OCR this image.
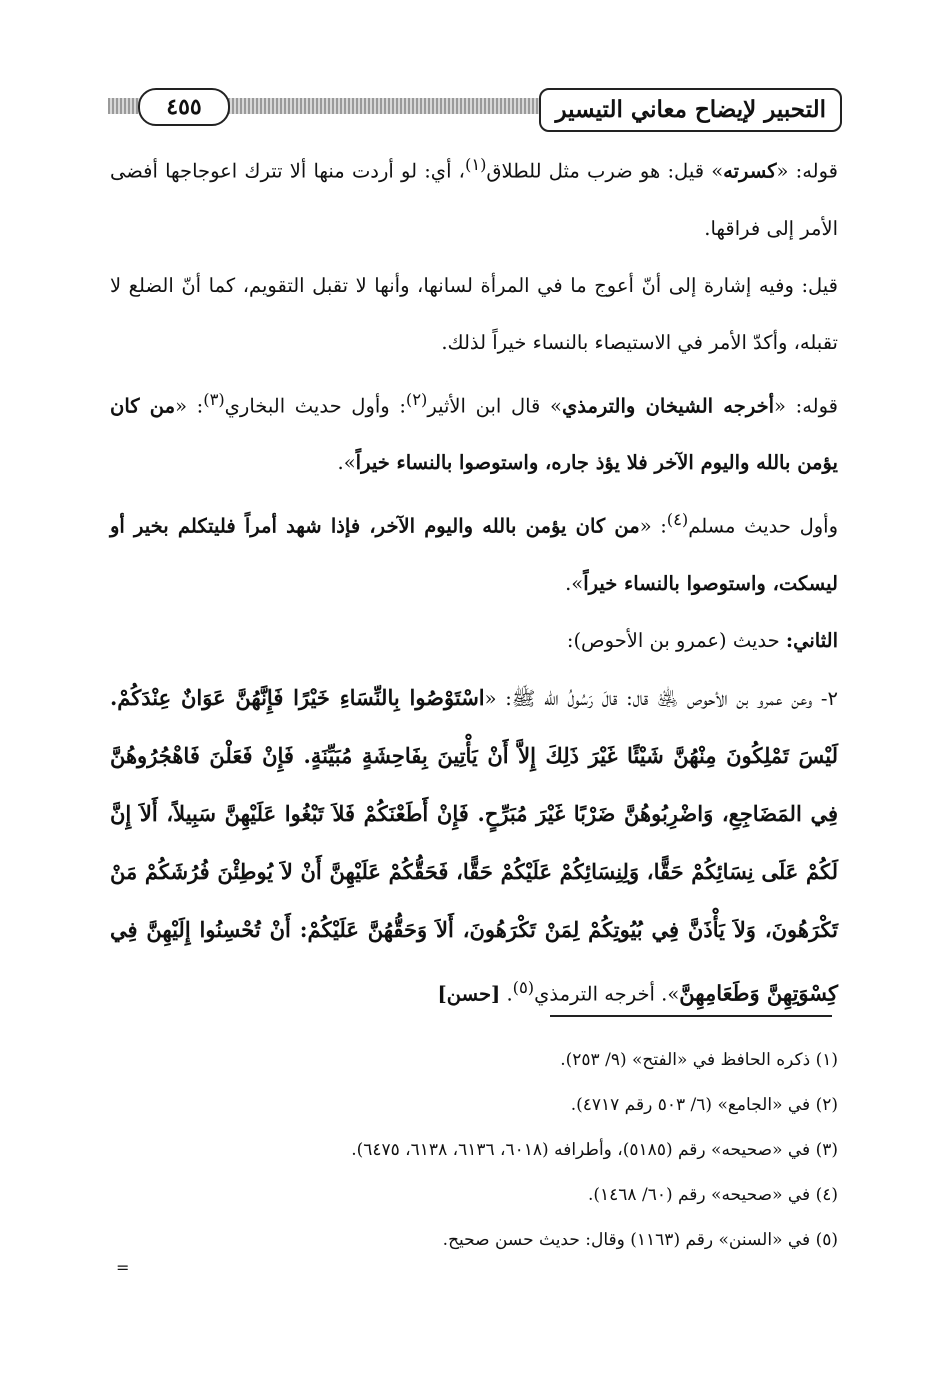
٤٥٥	التحبير لإيضاح معاني التيسير

قوله: «كسرته» قيل: هو ضرب مثل للطلاق$^{(١)}$، أي: لو أردت منها ألا تترك اعوجاجها أفضى الأمر إلى فراقها.

قيل: وفيه إشارة إلى أنّ أعوج ما في المرأة لسانها، وأنها لا تقبل التقويم، كما أنّ الضلع لا تقبله، وأكدّ الأمر في الاستيصاء بالنساء خيراً لذلك.

قوله: «أخرجه الشيخان والترمذي» قال ابن الأثير$^{(٢)}$: وأول حديث البخاري$^{(٣)}$: «من كان يؤمن بالله واليوم الآخر فلا يؤذ جاره، واستوصوا بالنساء خيراً».

وأول حديث مسلم$^{(٤)}$: «من كان يؤمن بالله واليوم الآخر، فإذا شهد أمراً فليتكلم بخير أو ليسكت، واستوصوا بالنساء خيراً».

الثاني: حديث (عمرو بن الأحوص):

٢- وعن عمرو بن الأحوص ﵁ قال: قالَ رَسُولُ الله ﷺ: «اسْتَوْصُوا بِالنِّسَاءِ خَيْرًا فَإِنَّهُنَّ عَوَانٌ عِنْدَكُمْ. لَيْسَ تَمْلِكُونَ مِنْهُنَّ شَيْئًا غَيْرَ ذَلِكَ إِلاَّ أَنْ يَأْتِينَ بِفَاحِشَةٍ مُبَيِّنَةٍ. فَإِنْ فَعَلْنَ فَاهْجُرُوهُنَّ فِي المَضَاجِعِ، وَاضْرِبُوهُنَّ ضَرْبًا غَيْرَ مُبَرِّحٍ. فَإِنْ أَطَعْنَكُمْ فَلاَ تَبْغُوا عَلَيْهِنَّ سَبِيلاً، أَلاَ إِنَّ لَكُمْ عَلَى نِسَائِكُمْ حَقًّا، وَلِنِسَائِكُمْ عَلَيْكُمْ حَقًّا، فَحَقُّكُمْ عَلَيْهِنَّ أَنْ لاَ يُوطِئْنَ فُرُشَكُمْ مَنْ تَكْرَهُونَ، وَلاَ يَأْذَنَّ فِي بُيُوتِكُمْ لِمَنْ تَكْرَهُونَ، أَلاَ وَحَقُّهُنَّ عَلَيْكُمْ: أَنْ تُحْسِنُوا إِلَيْهِنَّ فِي كِسْوَتِهِنَّ وَطَعَامِهِنَّ». أخرجه الترمذي$^{(٥)}$. [حسن]

(١) ذكره الحافظ في «الفتح» (٩/ ٢٥٣).

(٢) في «الجامع» (٦/ ٥٠٣ رقم ٤٧١٧).

(٣) في «صحيحه» رقم (٥١٨٥)، وأطرافه (٦٠١٨، ٦١٣٦، ٦١٣٨، ٦٤٧٥).

(٤) في «صحيحه» رقم (٦٠/ ١٤٦٨).

(٥) في «السنن» رقم (١١٦٣) وقال: حديث حسن صحيح.

=
